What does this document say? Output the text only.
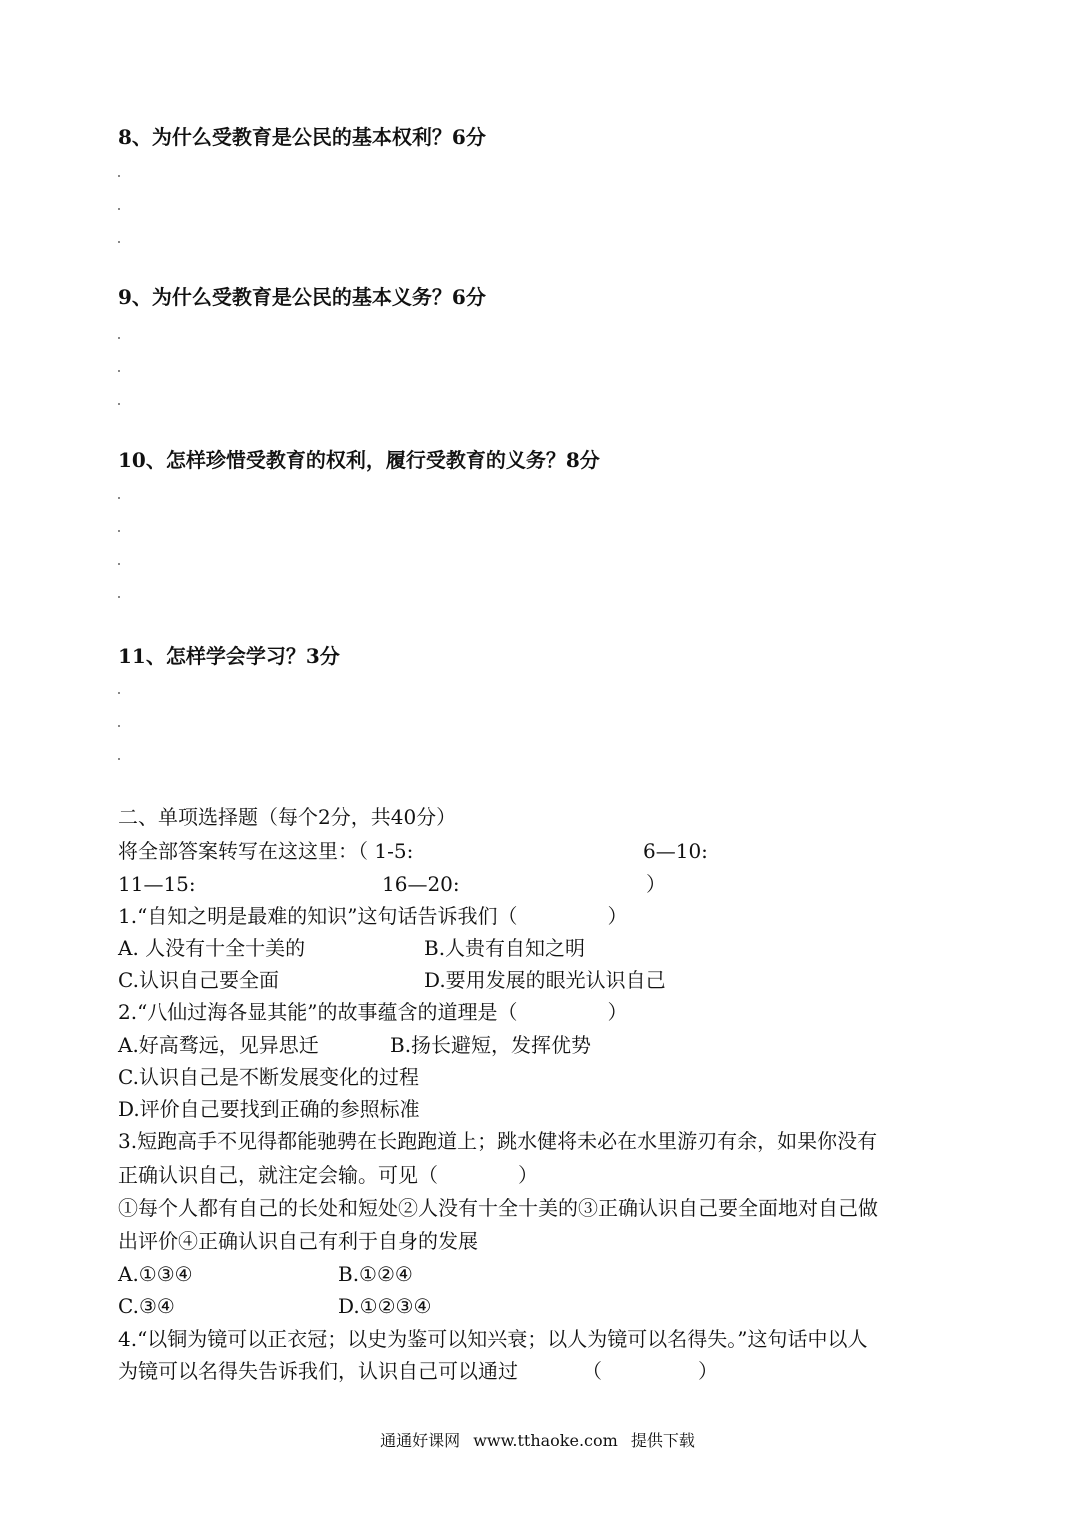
8、为什么受教育是公民的基本权利？6分
9、为什么受教育是公民的基本义务？6分
10、怎样珍惜受教育的权利，履行受教育的义务？8分
11、怎样学会学习？3分
二、单项选择题（每个2分，共40分）
将全部答案转写在这这里：（ 1-5:	6—10:
11—15:	16—20:	）
1.“自知之明是最难的知识”这句话告诉我们（	）
A. 人没有十全十美的	B.人贵有自知之明
C.认识自己要全面	D.要用发展的眼光认识自己
2.“八仙过海各显其能”的故事蕴含的道理是（	）
A.好高骛远，见异思迁	B.扬长避短，发挥优势
C.认识自己是不断发展变化的过程
D.评价自己要找到正确的参照标准
3.短跑高手不见得都能驰骋在长跑跑道上；跳水健将未必在水里游刃有余，如果你没有
正确认识自己，就注定会输。可见（	）
①每个人都有自己的长处和短处②人没有十全十美的③正确认识自己要全面地对自己做
出评价④正确认识自己有利于自身的发展
A.①③④	B.①②④
C.③④	D.①②③④
4.“以铜为镜可以正衣冠；以史为鉴可以知兴衰；以人为镜可以名得失。”这句话中以人
为镜可以名得失告诉我们，认识自己可以通过	（	）
通通好课网 www.tthaoke.com 提供下载
